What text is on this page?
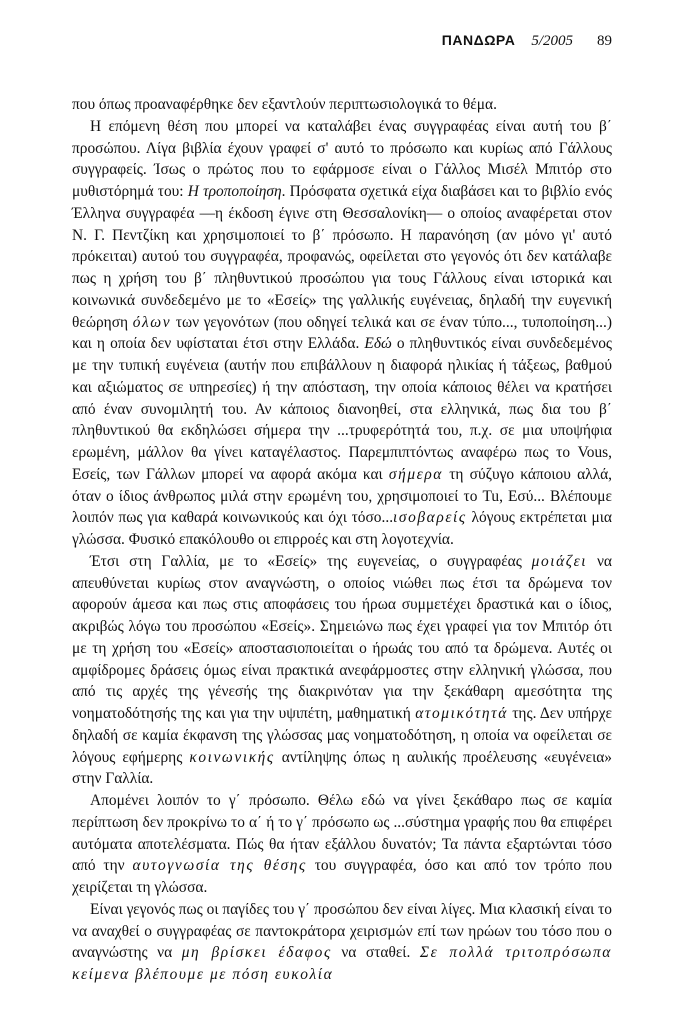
ΠΑΝΔΩΡΑ 5/2005 89

που όπως προαναφέρθηκε δεν εξαντλούν περιπτωσιολογικά το θέμα.

Η επόμενη θέση που μπορεί να καταλάβει ένας συγγραφέας είναι αυτή του β΄ προσώπου. Λίγα βιβλία έχουν γραφεί σ' αυτό το πρόσωπο και κυρίως από Γάλλους συγγραφείς. Ίσως ο πρώτος που το εφάρμοσε είναι ο Γάλλος Μισέλ Μπιτόρ στο μυθιστόρημά του: Η τροποποίηση. Πρόσφατα σχετικά είχα διαβάσει και το βιβλίο ενός Έλληνα συγγραφέα —η έκδοση έγινε στη Θεσσαλονίκη— ο οποίος αναφέρεται στον Ν. Γ. Πεντζίκη και χρησιμοποιεί το β΄ πρόσωπο. Η παρανόηση (αν μόνο γι' αυτό πρόκειται) αυτού του συγγραφέα, προφανώς, οφείλεται στο γεγονός ότι δεν κατάλαβε πως η χρήση του β΄ πληθυντικού προσώπου για τους Γάλλους είναι ιστορικά και κοινωνικά συνδεδεμένο με το «Εσείς» της γαλλικής ευγένειας, δηλαδή την ευγενική θεώρηση όλων των γεγονότων (που οδηγεί τελικά και σε έναν τύπο..., τυποποίηση...) και η οποία δεν υφίσταται έτσι στην Ελλάδα. Εδώ ο πληθυντικός είναι συνδεδεμένος με την τυπική ευγένεια (αυτήν που επιβάλλουν η διαφορά ηλικίας ή τάξεως, βαθμού και αξιώματος σε υπηρεσίες) ή την απόσταση, την οποία κάποιος θέλει να κρατήσει από έναν συνομιλητή του. Αν κάποιος διανοηθεί, στα ελληνικά, πως δια του β΄ πληθυντικού θα εκδηλώσει σήμερα την ...τρυφερότητά του, π.χ. σε μια υποψήφια ερωμένη, μάλλον θα γίνει καταγέλαστος. Παρεμπιπτόντως αναφέρω πως το Vous, Εσείς, των Γάλλων μπορεί να αφορά ακόμα και σήμερα τη σύζυγο κάποιου αλλά, όταν ο ίδιος άνθρωπος μιλά στην ερωμένη του, χρησιμοποιεί το Tu, Εσύ... Βλέπουμε λοιπόν πως για καθαρά κοινωνικούς και όχι τόσο...ισοβαρείς λόγους εκτρέπεται μια γλώσσα. Φυσικό επακόλουθο οι επιρροές και στη λογοτεχνία.

Έτσι στη Γαλλία, με το «Εσείς» της ευγενείας, ο συγγραφέας μοιάζει να απευθύνεται κυρίως στον αναγνώστη, ο οποίος νιώθει πως έτσι τα δρώμενα τον αφορούν άμεσα και πως στις αποφάσεις του ήρωα συμμετέχει δραστικά και ο ίδιος, ακριβώς λόγω του προσώπου «Εσείς». Σημειώνω πως έχει γραφεί για τον Μπιτόρ ότι με τη χρήση του «Εσείς» αποστασιοποιείται ο ήρωάς του από τα δρώμενα. Αυτές οι αμφίδρομες δράσεις όμως είναι πρακτικά ανεφάρμοστες στην ελληνική γλώσσα, που από τις αρχές της γένεσής της διακρινόταν για την ξεκάθαρη αμεσότητα της νοηματοδότησής της και για την υψιπέτη, μαθηματική ατομικότητά της. Δεν υπήρχε δηλαδή σε καμία έκφανση της γλώσσας μας νοηματοδότηση, η οποία να οφείλεται σε λόγους εφήμερης κοινωνικής αντίληψης όπως η αυλικής προέλευσης «ευγένεια» στην Γαλλία.

Απομένει λοιπόν το γ΄ πρόσωπο. Θέλω εδώ να γίνει ξεκάθαρο πως σε καμία περίπτωση δεν προκρίνω το α΄ ή το γ΄ πρόσωπο ως ...σύστημα γραφής που θα επιφέρει αυτόματα αποτελέσματα. Πώς θα ήταν εξάλλου δυνατόν; Τα πάντα εξαρτώνται τόσο από την αυτογνωσία της θέσης του συγγραφέα, όσο και από τον τρόπο που χειρίζεται τη γλώσσα.

Είναι γεγονός πως οι παγίδες του γ΄ προσώπου δεν είναι λίγες. Μια κλασική είναι το να αναχθεί ο συγγραφέας σε παντοκράτορα χειρισμών επί των ηρώων του τόσο που ο αναγνώστης να μη βρίσκει έδαφος να σταθεί. Σε πολλά τριτοπρόσωπα κείμενα βλέπουμε με πόση ευκολία
